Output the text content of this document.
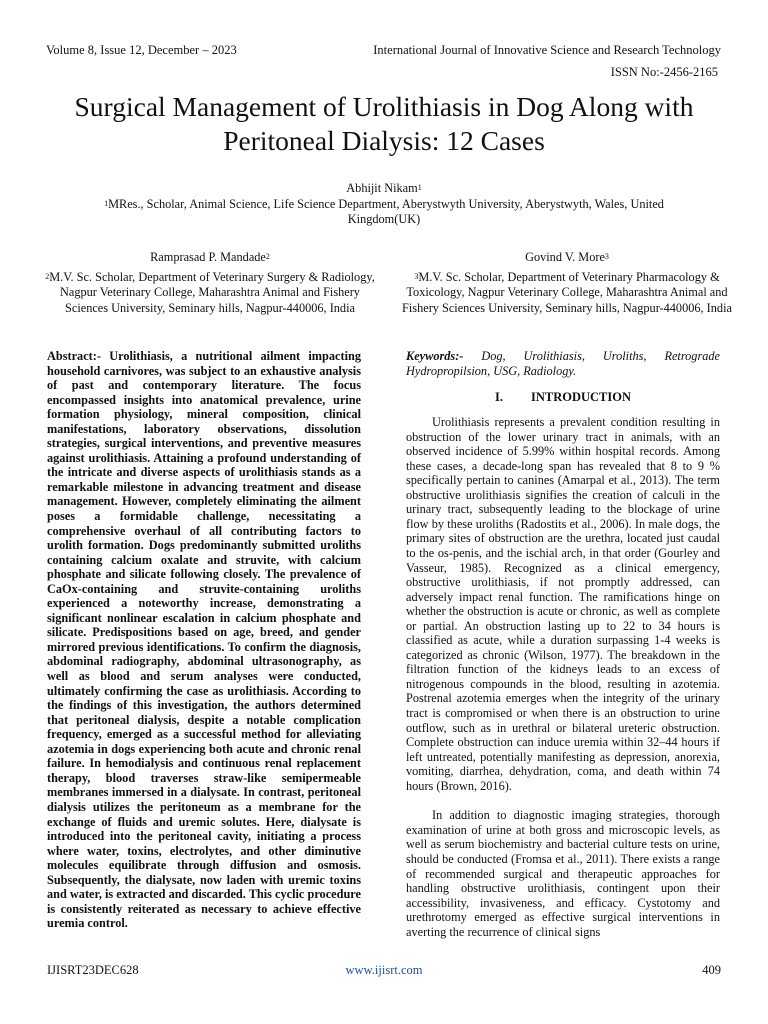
Volume 8, Issue 12, December – 2023	International Journal of Innovative Science and Research Technology
ISSN No:-2456-2165
Surgical Management of Urolithiasis in Dog Along with Peritoneal Dialysis: 12 Cases
Abhijit Nikam$^1$
$^1$MRes., Scholar, Animal Science, Life Science Department, Aberystwyth University, Aberystwyth, Wales, United Kingdom(UK)
Ramprasad P. Mandade$^2$
$^2$M.V. Sc. Scholar, Department of Veterinary Surgery & Radiology, Nagpur Veterinary College, Maharashtra Animal and Fishery Sciences University, Seminary hills, Nagpur-440006, India
Govind V. More$^3$
$^3$M.V. Sc. Scholar, Department of Veterinary Pharmacology & Toxicology, Nagpur Veterinary College, Maharashtra Animal and Fishery Sciences University, Seminary hills, Nagpur-440006, India

Abstract:- Urolithiasis, a nutritional ailment impacting household carnivores, was subject to an exhaustive analysis of past and contemporary literature. The focus encompassed insights into anatomical prevalence, urine formation physiology, mineral composition, clinical manifestations, laboratory observations, dissolution strategies, surgical interventions, and preventive measures against urolithiasis. Attaining a profound understanding of the intricate and diverse aspects of urolithiasis stands as a remarkable milestone in advancing treatment and disease management. However, completely eliminating the ailment poses a formidable challenge, necessitating a comprehensive overhaul of all contributing factors to urolith formation. Dogs predominantly submitted uroliths containing calcium oxalate and struvite, with calcium phosphate and silicate following closely. The prevalence of CaOx-containing and struvite-containing uroliths experienced a noteworthy increase, demonstrating a significant nonlinear escalation in calcium phosphate and silicate. Predispositions based on age, breed, and gender mirrored previous identifications. To confirm the diagnosis, abdominal radiography, abdominal ultrasonography, as well as blood and serum analyses were conducted, ultimately confirming the case as urolithiasis. According to the findings of this investigation, the authors determined that peritoneal dialysis, despite a notable complication frequency, emerged as a successful method for alleviating azotemia in dogs experiencing both acute and chronic renal failure. In hemodialysis and continuous renal replacement therapy, blood traverses straw-like semipermeable membranes immersed in a dialysate. In contrast, peritoneal dialysis utilizes the peritoneum as a membrane for the exchange of fluids and uremic solutes. Here, dialysate is introduced into the peritoneal cavity, initiating a process where water, toxins, electrolytes, and other diminutive molecules equilibrate through diffusion and osmosis. Subsequently, the dialysate, now laden with uremic toxins and water, is extracted and discarded. This cyclic procedure is consistently reiterated as necessary to achieve effective uremia control.

Keywords:- Dog, Urolithiasis, Uroliths, Retrograde Hydropropilsion, USG, Radiology.

I. INTRODUCTION

Urolithiasis represents a prevalent condition resulting in obstruction of the lower urinary tract in animals, with an observed incidence of 5.99% within hospital records. Among these cases, a decade-long span has revealed that 8 to 9 % specifically pertain to canines (Amarpal et al., 2013). The term obstructive urolithiasis signifies the creation of calculi in the urinary tract, subsequently leading to the blockage of urine flow by these uroliths (Radostits et al., 2006). In male dogs, the primary sites of obstruction are the urethra, located just caudal to the os-penis, and the ischial arch, in that order (Gourley and Vasseur, 1985). Recognized as a clinical emergency, obstructive urolithiasis, if not promptly addressed, can adversely impact renal function. The ramifications hinge on whether the obstruction is acute or chronic, as well as complete or partial. An obstruction lasting up to 22 to 34 hours is classified as acute, while a duration surpassing 1-4 weeks is categorized as chronic (Wilson, 1977). The breakdown in the filtration function of the kidneys leads to an excess of nitrogenous compounds in the blood, resulting in azotemia. Postrenal azotemia emerges when the integrity of the urinary tract is compromised or when there is an obstruction to urine outflow, such as in urethral or bilateral ureteric obstruction. Complete obstruction can induce uremia within 32–44 hours if left untreated, potentially manifesting as depression, anorexia, vomiting, diarrhea, dehydration, coma, and death within 74 hours (Brown, 2016).

In addition to diagnostic imaging strategies, thorough examination of urine at both gross and microscopic levels, as well as serum biochemistry and bacterial culture tests on urine, should be conducted (Fromsa et al., 2011). There exists a range of recommended surgical and therapeutic approaches for handling obstructive urolithiasis, contingent upon their accessibility, invasiveness, and efficacy. Cystotomy and urethrotomy emerged as effective surgical interventions in averting the recurrence of clinical signs

IJISRT23DEC628	www.ijisrt.com	409
